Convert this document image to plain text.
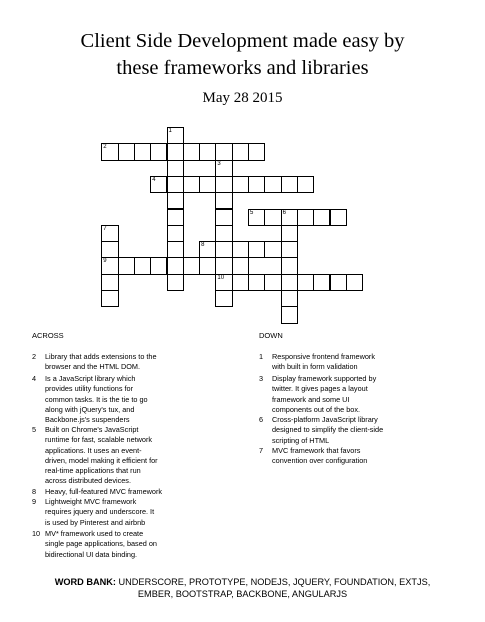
Client Side Development made easy by
these frameworks and libraries
May 28 2015
1
2
3
10
4
5	6
7
9
8
ACROSS	DOWN
2	Library that adds extensions to the
browser and the HTML DOM.
4	Is a JavaScript library which
provides utility functions for
common tasks. It is the tie to go
along with jQuery's tux, and
Backbone.js's suspenders
5	Built on Chrome's JavaScript
runtime for fast, scalable network
applications. It uses an event-
driven, model making it efficient for
real-time applications that run
across distributed devices.
8	Heavy, full-featured MVC framework
9	Lightweight MVC framework
requires jquery and underscore. It
is used by Pinterest and airbnb
10 MV* framework used to create
single page applications, based on
bidirectional UI data binding.
1	Responsive frontend framework
with built in form validation
3	Display framework supported by
twitter. It gives pages a layout
framework and some UI
components out of the box.
6	Cross-platform JavaScript library
designed to simplify the client-side
scripting of HTML
7	MVC framework that favors
convention over configuration
WORD BANK: UNDERSCORE, PROTOTYPE, NODEJS, JQUERY, FOUNDATION, EXTJS,
EMBER, BOOTSTRAP, BACKBONE, ANGULARJS
